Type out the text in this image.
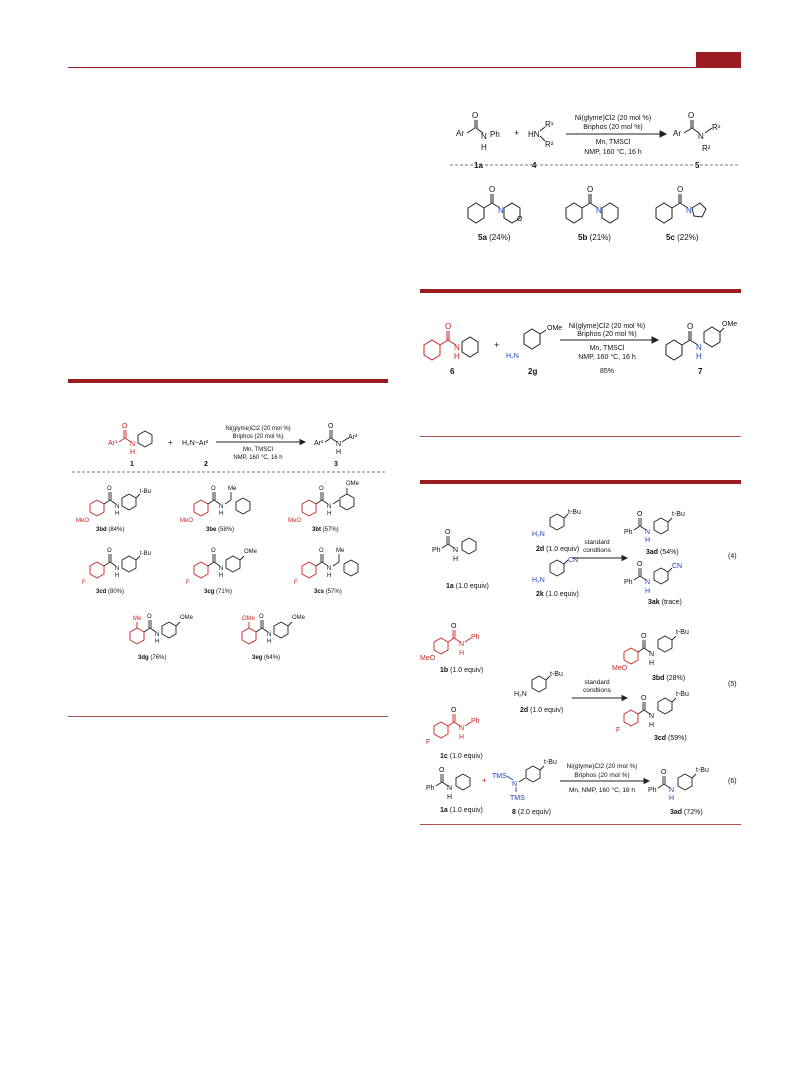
Ar
O
N
H
Ph
1a
+ HN
R¹
R²
4
Ni(glyme)Cl2 (20 mol %)
Briphos (20 mol %)
Mn, TMSCl
NMP, 160 °C, 16 h
Ar
O
N
R¹
R²
5
O
N
O
5a (24%)
O
N
5b (21%)
O
N
5c (22%)
O
N
H
6
+
OMe
H₂N
2g
Ni(glyme)Cl2 (20 mol %)
Briphos (20 mol %)
Mn, TMSCl
NMP, 160 °C, 16 h
85%
O
N
H
OMe
7
Ar¹
O
N
H
1
+ H₂N−Ar²
2
Ni(glyme)Cl2 (20 mol %)
Briphos (20 mol %)
Mn, TMSCl
NMP, 160 °C, 16 h
Ar¹
O
N
H
Ar²
3
MeO
O
N
H
t-Bu
3bd (84%)
MeO
O
N
H
Me
3be (58%)
MeO
O
N
H
OMe
3bt (57%)
F
O
N
H
t-Bu
3cd (80%)
F
O
N
H
OMe
3cg (71%)
F
O
N
H
Me
3cs (57%)
Me O
N
H
OMe
3dg (76%)
OMe O
N
H
OMe
3eg (64%)
Ph
O
N
H
1a (1.0 equiv)
t-Bu
H₂N
2d (1.0 equiv)
CN
H₂N
2k (1.0 equiv)
standard
condtions
Ph
O
N
H
t-Bu
3ad (54%)
Ph
O
N
H
CN
3ak (trace)
(4)
MeO
O
N
H
Ph
1b (1.0 equiv)
t-Bu
H₂N
2d (1.0 equiv)
standard
condtions
F
O
N
H
Ph
1c (1.0 equiv)
MeO
O
N
H
t-Bu
3bd (28%)
F
O
N
H
t-Bu
3cd (59%)
(5)
Ph
O
N
H
1a (1.0 equiv)
+ TMS
N
TMS
t-Bu
8 (2.0 equiv)
Ni(glyme)Cl2 (20 mol %)
Briphos (20 mol %)
Mn, NMP, 160 °C, 16 h Ph
O
N
H
t-Bu
3ad (72%)
(6)
